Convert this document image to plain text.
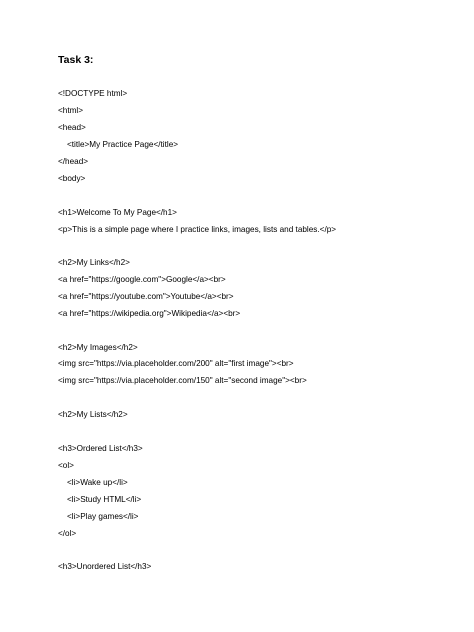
Task 3:
<!DOCTYPE html>
<html>
<head>
<title>My Practice Page</title>
</head>
<body>
<h1>Welcome To My Page</h1>
<p>This is a simple page where I practice links, images, lists and tables.</p>
<h2>My Links</h2>
<a href="https://google.com">Google</a><br>
<a href="https://youtube.com">Youtube</a><br>
<a href="https://wikipedia.org">Wikipedia</a><br>
<h2>My Images</h2>
<img src="https://via.placeholder.com/200" alt="first image"><br>
<img src="https://via.placeholder.com/150" alt="second image"><br>
<h2>My Lists</h2>
<h3>Ordered List</h3>
<ol>
<li>Wake up</li>
<li>Study HTML</li>
<li>Play games</li>
</ol>
<h3>Unordered List</h3>
